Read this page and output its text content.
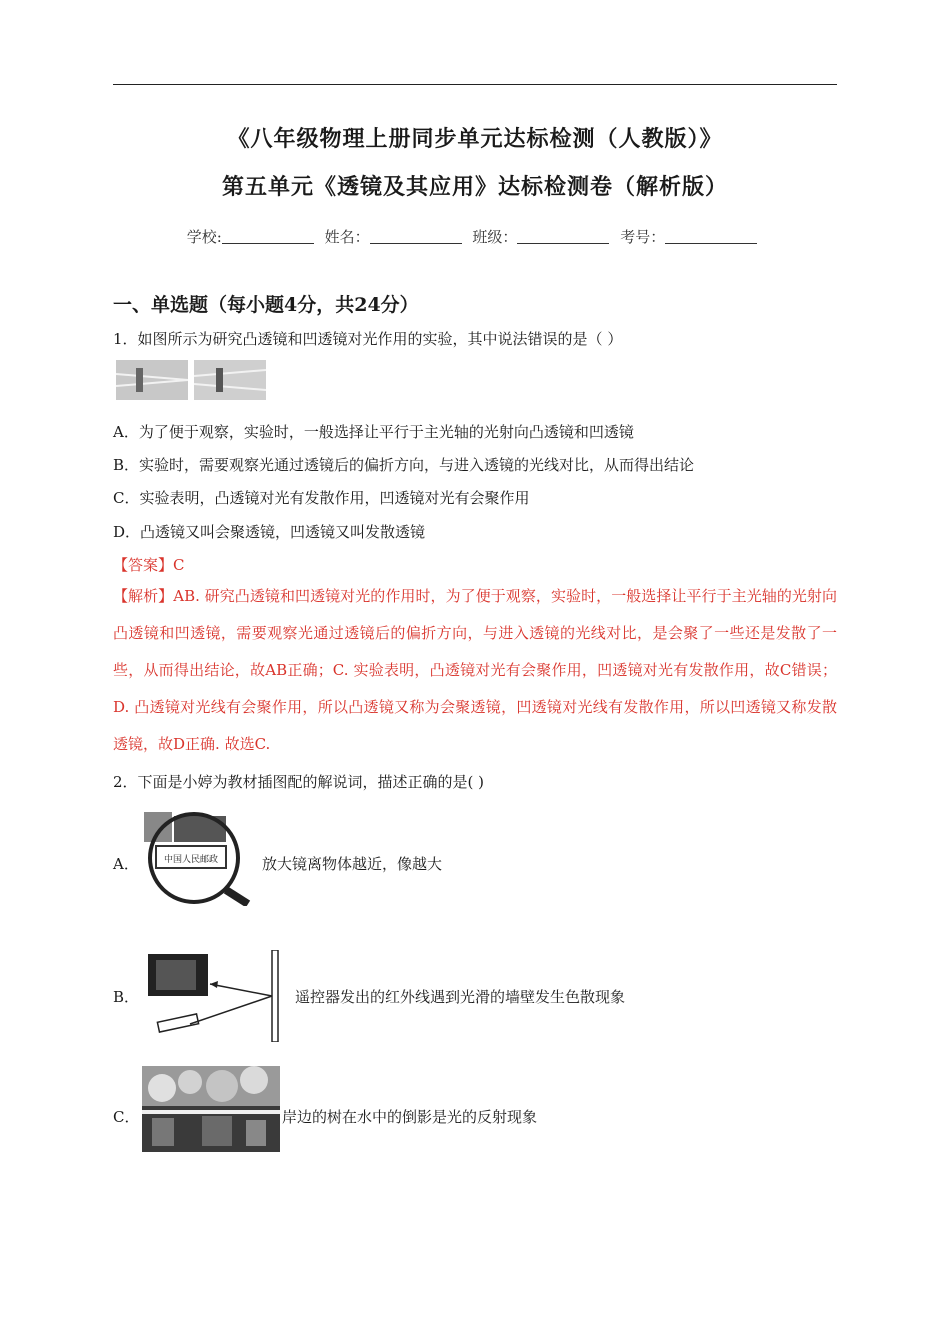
《八年级物理上册同步单元达标检测（人教版）》
第五单元《透镜及其应用》达标检测卷（解析版）
学校:	姓名：	班级：	考号：
一、单选题（每小题4分，共24分）
1．如图所示为研究凸透镜和凹透镜对光作用的实验，其中说法错误的是（ ）
A．为了便于观察，实验时，一般选择让平行于主光轴的光射向凸透镜和凹透镜
B．实验时，需要观察光通过透镜后的偏折方向，与进入透镜的光线对比，从而得出结论
C．实验表明，凸透镜对光有发散作用，凹透镜对光有会聚作用
D．凸透镜又叫会聚透镜，凹透镜又叫发散透镜
【答案】C
【解析】AB. 研究凸透镜和凹透镜对光的作用时，为了便于观察，实验时，一般选择让平行于主光轴的光射向凸透镜和凹透镜，需要观察光通过透镜后的偏折方向，与进入透镜的光线对比，是会聚了一些还是发散了一些，从而得出结论，故AB正确；C. 实验表明，凸透镜对光有会聚作用，凹透镜对光有发散作用，故C错误；D. 凸透镜对光线有会聚作用，所以凸透镜又称为会聚透镜，凹透镜对光线有发散作用，所以凹透镜又称发散透镜，故D正确. 故选C.
2．下面是小婷为教材插图配的解说词，描述正确的是( )
A．	中国人民邮政	放大镜离物体越近，像越大
B．	遥控器发出的红外线遇到光滑的墙壁发生色散现象
C．	岸边的树在水中的倒影是光的反射现象
